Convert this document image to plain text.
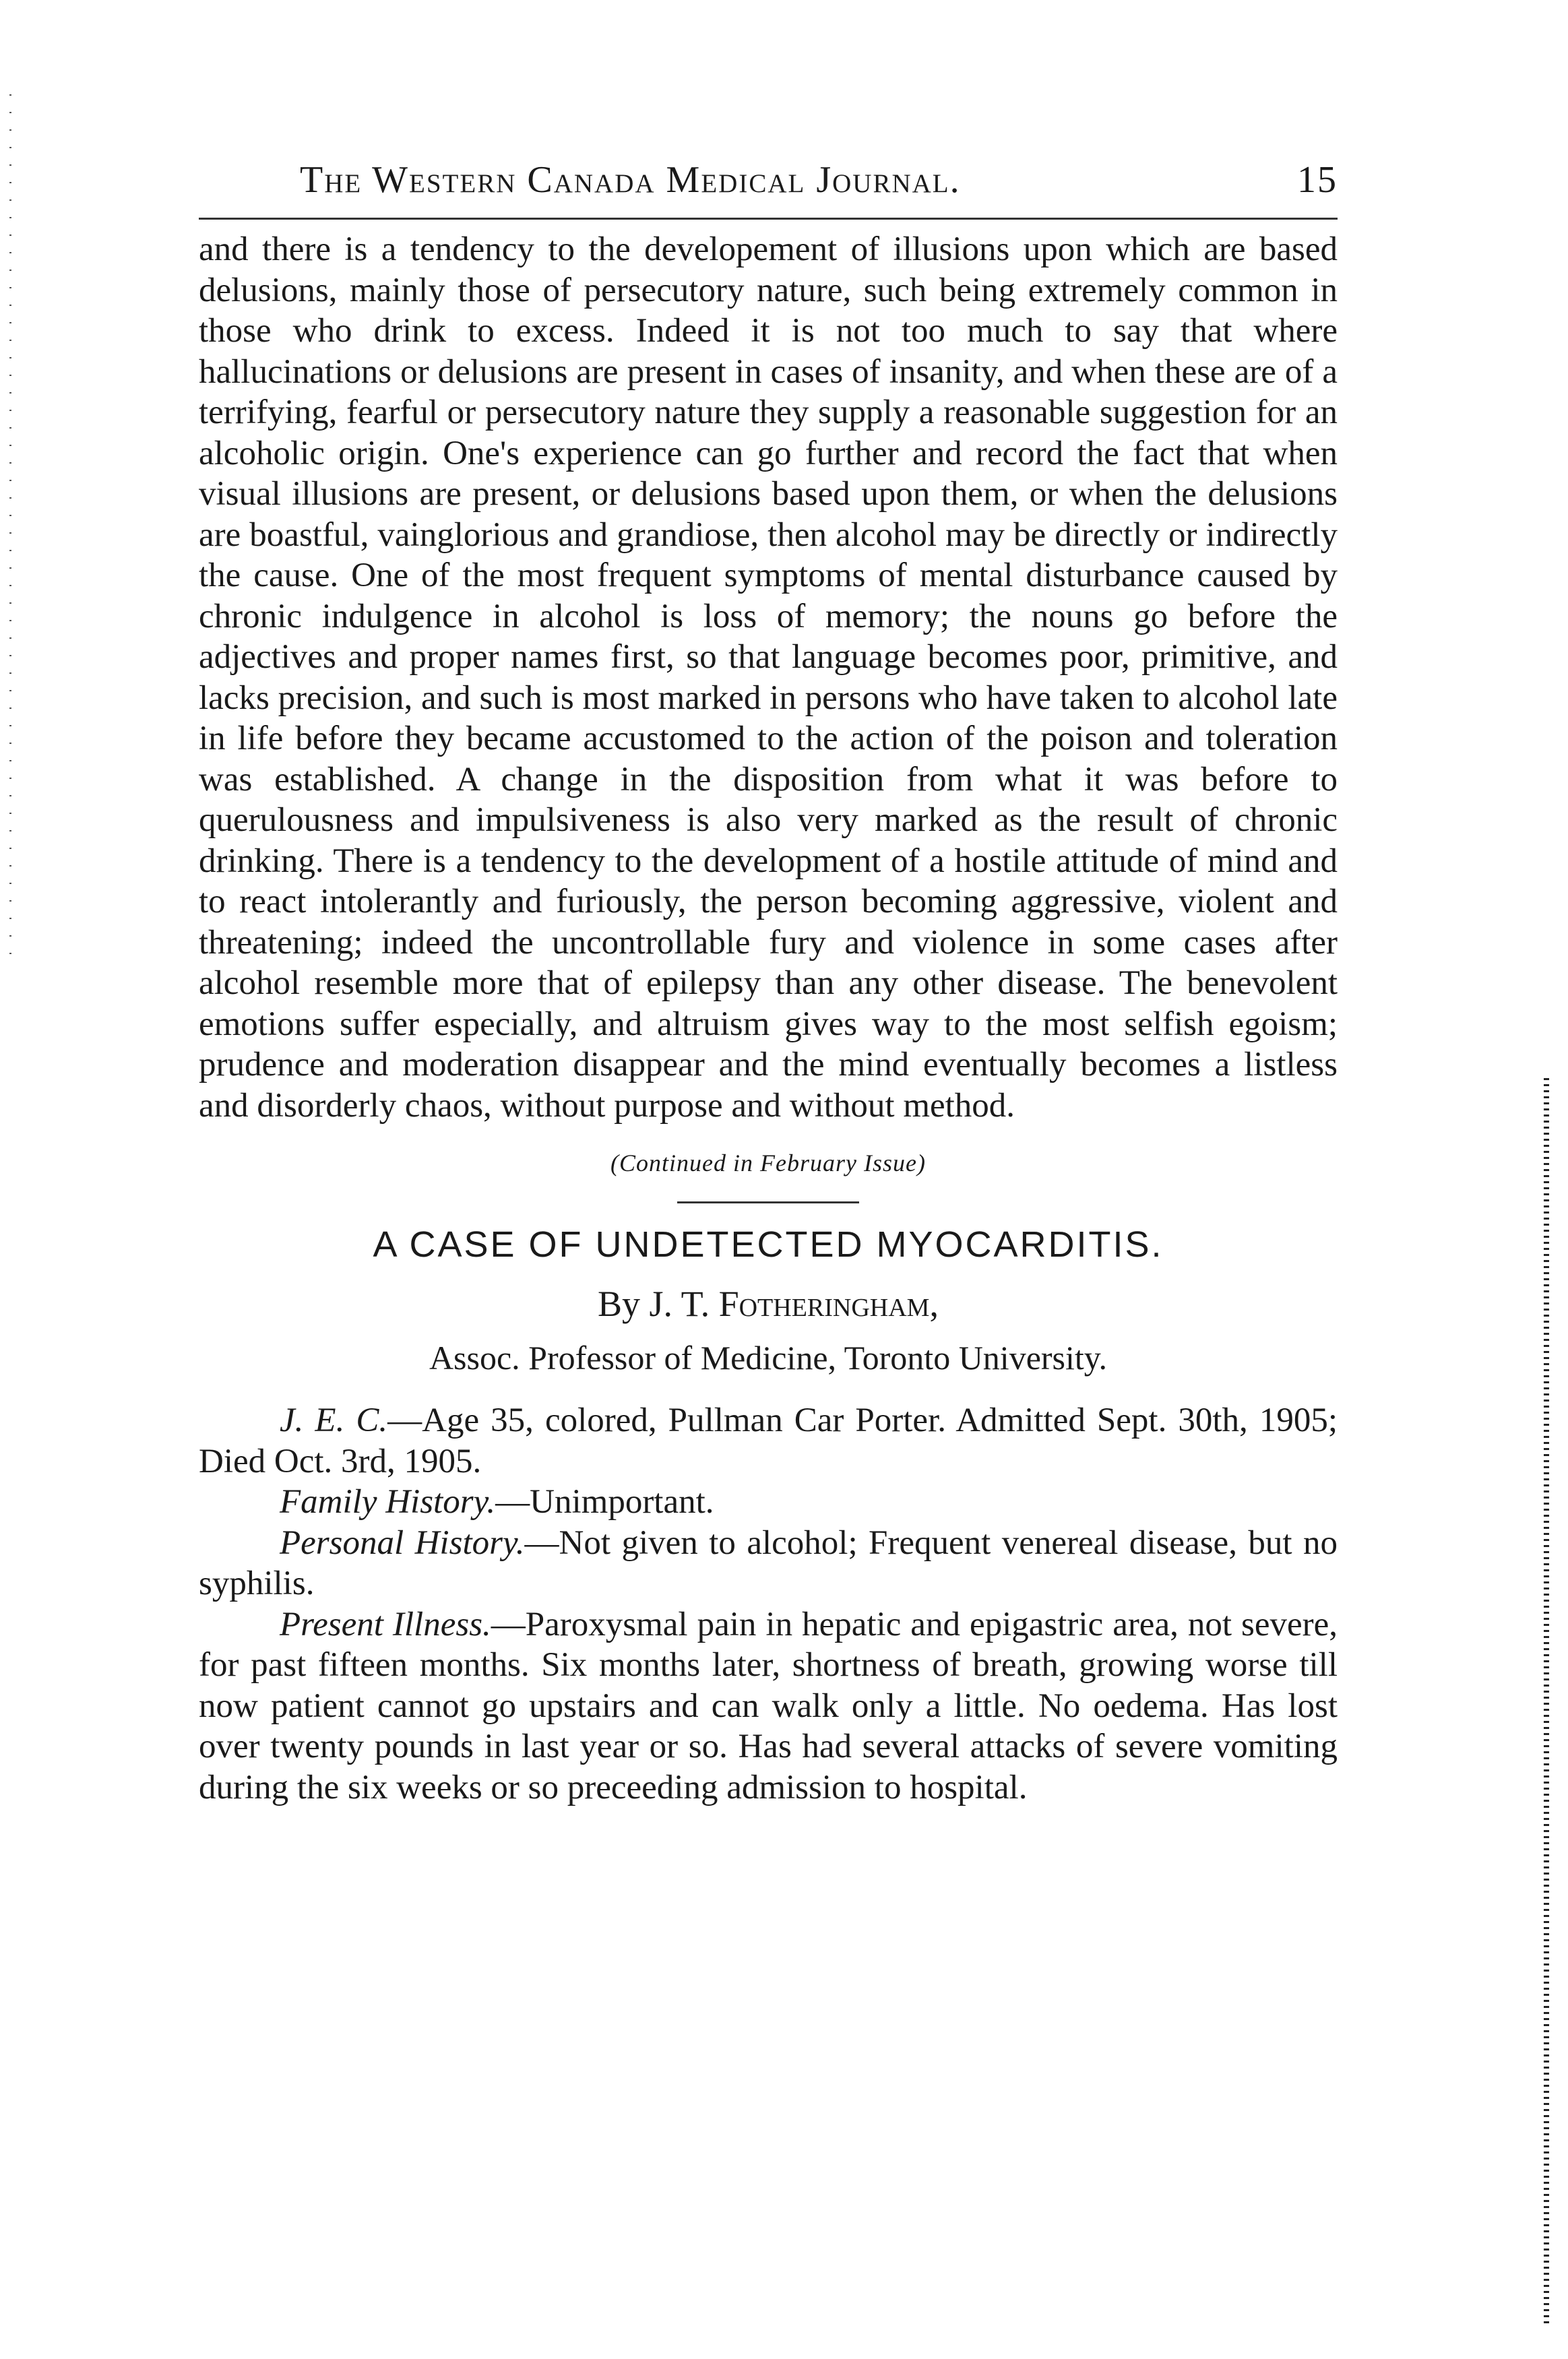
The Western Canada Medical Journal.	15

and there is a tendency to the developement of illusions upon which are based delusions, mainly those of persecutory nature, such being extremely common in those who drink to excess. Indeed it is not too much to say that where hallucinations or delusions are present in cases of insanity, and when these are of a terrifying, fearful or persecutory nature they supply a reasonable suggestion for an alcoholic origin. One's experience can go further and record the fact that when visual illusions are present, or delusions based upon them, or when the delusions are boastful, vainglorious and grandiose, then alcohol may be directly or indirectly the cause. One of the most frequent symptoms of mental disturbance caused by chronic indulgence in alcohol is loss of memory; the nouns go before the adjectives and proper names first, so that language becomes poor, primitive, and lacks precision, and such is most marked in persons who have taken to alcohol late in life before they became accustomed to the action of the poison and toleration was established. A change in the disposition from what it was before to querulousness and impulsiveness is also very marked as the result of chronic drinking. There is a tendency to the development of a hostile attitude of mind and to react intolerantly and furiously, the person becoming aggressive, violent and threatening; indeed the uncontrollable fury and violence in some cases after alcohol resemble more that of epilepsy than any other disease. The benevolent emotions suffer especially, and altruism gives way to the most selfish egoism; prudence and moderation disappear and the mind eventually becomes a listless and disorderly chaos, without purpose and without method.

(Continued in February Issue)
A CASE OF UNDETECTED MYOCARDITIS.
By J. T. Fotheringham,
Assoc. Professor of Medicine, Toronto University.

J. E. C.—Age 35, colored, Pullman Car Porter. Admitted Sept. 30th, 1905; Died Oct. 3rd, 1905.

Family History.—Unimportant.

Personal History.—Not given to alcohol; Frequent venereal disease, but no syphilis.

Present Illness.—Paroxysmal pain in hepatic and epigastric area, not severe, for past fifteen months. Six months later, shortness of breath, growing worse till now patient cannot go upstairs and can walk only a little. No oedema. Has lost over twenty pounds in last year or so. Has had several attacks of severe vomiting during the six weeks or so preceeding admission to hospital.
